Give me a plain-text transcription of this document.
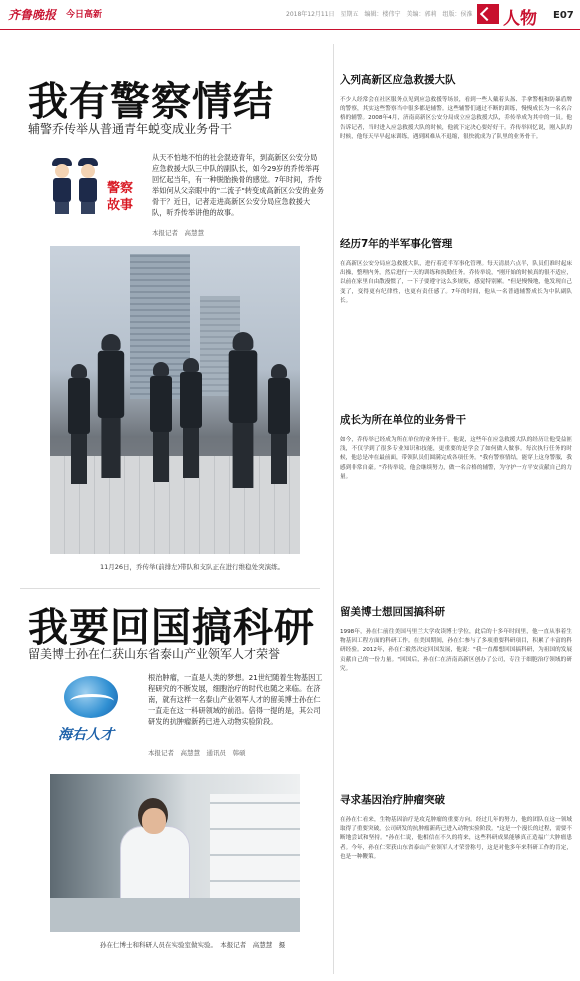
齐鲁晚报 今日高新	2018年12月11日　星期五　编辑：楼伟宁　美编：郭莉　组版：侯淮 人物 E07
我有警察情结
辅警乔传举从普通青年蜕变成业务骨干
警察故事
从天不怕地不怕的社会混迹青年，到高新区公安分局应急救援大队三中队的副队长，如今29岁的乔传举再回忆起当年，有一种脱胎换骨的感觉。7年时间，乔传举如何从父亲眼中的"二流子"转变成高新区公安的业务骨干？近日，记者走进高新区公安分局应急救援大队，听乔传举讲他的故事。
本报记者　高慧慧
11月26日，乔传举(前排左)带队和支队正在进行维稳处突演练。
我要回国搞科研
留美博士孙在仁获山东省泰山产业领军人才荣誉
海右人才
根治肿瘤，一直是人类的梦想。21世纪随着生物基因工程研究的不断发展，细胞治疗的时代也随之来临。在济南，就有这样一名泰山产业领军人才的留美博士孙在仁一直走在这一科研领域的前沿。倍得一提的是，其公司研发的抗肿瘤新药已进入动物实验阶段。
本报记者　高慧慧　通讯员　韩硕
孙在仁博士和科研人员在实验室做实验。　本报记者　高慧慧　摄
入列高新区应急救援大队
不少人经常会在社区服务点见到应急救援等场景，看到一些人戴着头盔、手拿警棍和防暴盾牌的警察，其实这些警察当中很多都是辅警。这些辅警们通过不断的训练，慢慢成长为一名名合格的辅警。2008年4月，济南高新区公安分局成立应急救援大队，乔传举成为其中的一员。他告诉记者，当时进入应急救援大队的时候，他就下定决心要好好干。乔传举回忆说，刚入队的时候，他每天早早起床训练，遇到困难从不退缩，很快就成为了队里的业务骨干。
经历7年的半军事化管理
在高新区公安分局应急救援大队，进行着近半军事化管理。每天清晨六点半，队员们准时起床出操，整理内务，然后进行一天的训练和执勤任务。乔传举说，"刚开始的时候真的很不适应，以前在家里自由散漫惯了，一下子要遵守这么多规矩，感觉特别累。"但是慢慢地，他发现自己变了，变得更有纪律性，也更有责任感了。7年的时间，他从一名普通辅警成长为中队副队长。
成长为所在单位的业务骨干
如今，乔传举已经成为所在单位的业务骨干。他说，这些年在应急救援大队的经历让他受益匪浅，不仅学到了很多专业知识和技能，更重要的是学会了如何做人做事。每次执行任务的时候，他总是冲在最前面，带领队员们圆满完成各项任务。"我有警察情结，能穿上这身警服，我感到非常自豪。"乔传举说，他会继续努力，做一名合格的辅警，为守护一方平安贡献自己的力量。
留美博士想回国搞科研
1998年，孙在仁前往美国马里兰大学攻读博士学位，此后的十多年时间里，他一直从事着生物基因工程方面的科研工作。在美国期间，孙在仁参与了多项重要科研项目，积累了丰富的科研经验。2012年，孙在仁毅然决定回国发展，他说："我一直都想回国搞科研，为祖国的发展贡献自己的一份力量。"回国后，孙在仁在济南高新区创办了公司，专注于细胞治疗领域的研究。
寻求基因治疗肿瘤突破
在孙在仁看来，生物基因治疗是攻克肿瘤的重要方向。经过几年的努力，他的团队在这一领域取得了重要突破，公司研发的抗肿瘤新药已进入动物实验阶段。"这是一个漫长的过程，需要不断地尝试和坚持。"孙在仁说，他相信在不久的将来，这些科研成果能够真正造福广大肿瘤患者。今年，孙在仁荣获山东省泰山产业领军人才荣誉称号，这是对他多年来科研工作的肯定，也是一种鞭策。
